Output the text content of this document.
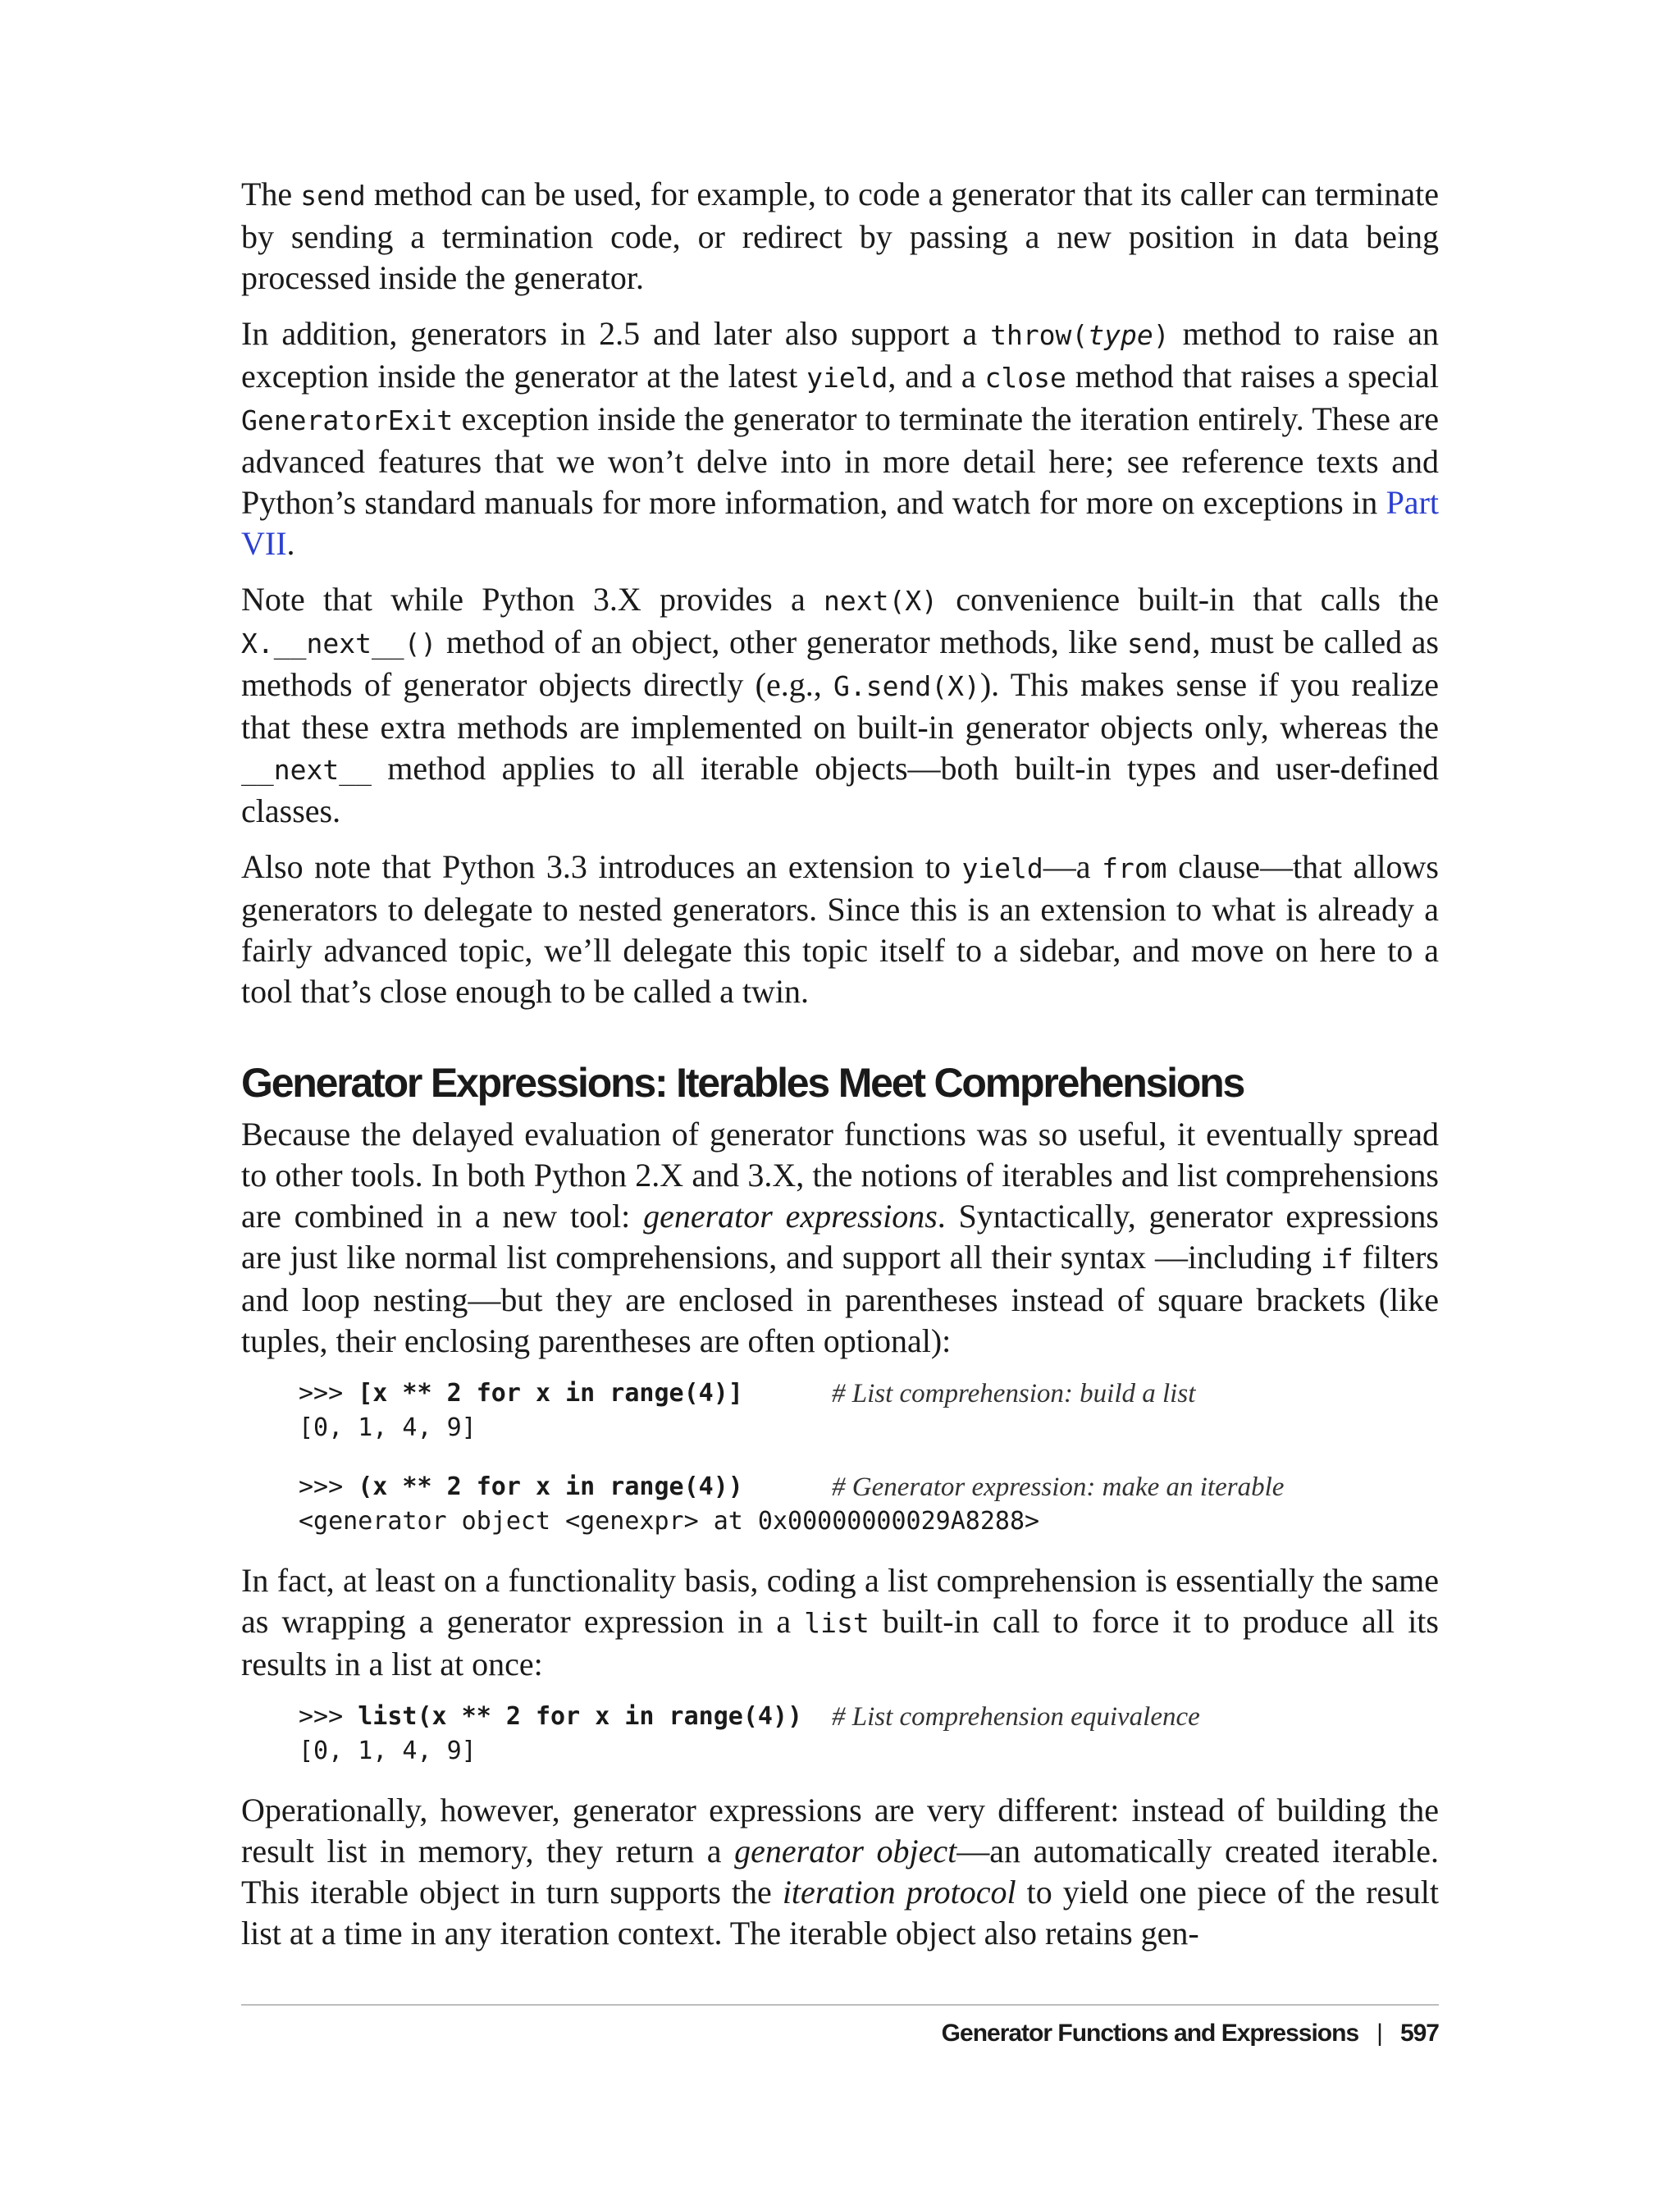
The send method can be used, for example, to code a generator that its caller can terminate by sending a termination code, or redirect by passing a new position in data being processed inside the generator.

In addition, generators in 2.5 and later also support a throw(type) method to raise an exception inside the generator at the latest yield, and a close method that raises a special GeneratorExit exception inside the generator to terminate the iteration entirely. These are advanced features that we won’t delve into in more detail here; see reference texts and Python’s standard manuals for more information, and watch for more on exceptions in Part VII.

Note that while Python 3.X provides a next(X) convenience built-in that calls the X.__next__() method of an object, other generator methods, like send, must be called as methods of generator objects directly (e.g., G.send(X)). This makes sense if you realize that these extra methods are implemented on built-in generator objects only, whereas the __next__ method applies to all iterable objects—both built-in types and user-defined classes.

Also note that Python 3.3 introduces an extension to yield—a from clause—that allows generators to delegate to nested generators. Since this is an extension to what is already a fairly advanced topic, we’ll delegate this topic itself to a sidebar, and move on here to a tool that’s close enough to be called a twin.

Generator Expressions: Iterables Meet Comprehensions

Because the delayed evaluation of generator functions was so useful, it eventually spread to other tools. In both Python 2.X and 3.X, the notions of iterables and list comprehensions are combined in a new tool: generator expressions. Syntactically, generator expressions are just like normal list comprehensions, and support all their syntax —including if filters and loop nesting—but they are enclosed in parentheses instead of square brackets (like tuples, their enclosing parentheses are often optional):

>>> [x ** 2 for x in range(4)]	# List comprehension: build a list
[0, 1, 4, 9]
>>> (x ** 2 for x in range(4))	# Generator expression: make an iterable
<generator object <genexpr> at 0x00000000029A8288>

In fact, at least on a functionality basis, coding a list comprehension is essentially the same as wrapping a generator expression in a list built-in call to force it to produce all its results in a list at once:

>>> list(x ** 2 for x in range(4)) # List comprehension equivalence
[0, 1, 4, 9]

Operationally, however, generator expressions are very different: instead of building the result list in memory, they return a generator object—an automatically created iterable. This iterable object in turn supports the iteration protocol to yield one piece of the result list at a time in any iteration context. The iterable object also retains gen-

Generator Functions and Expressions | 597
